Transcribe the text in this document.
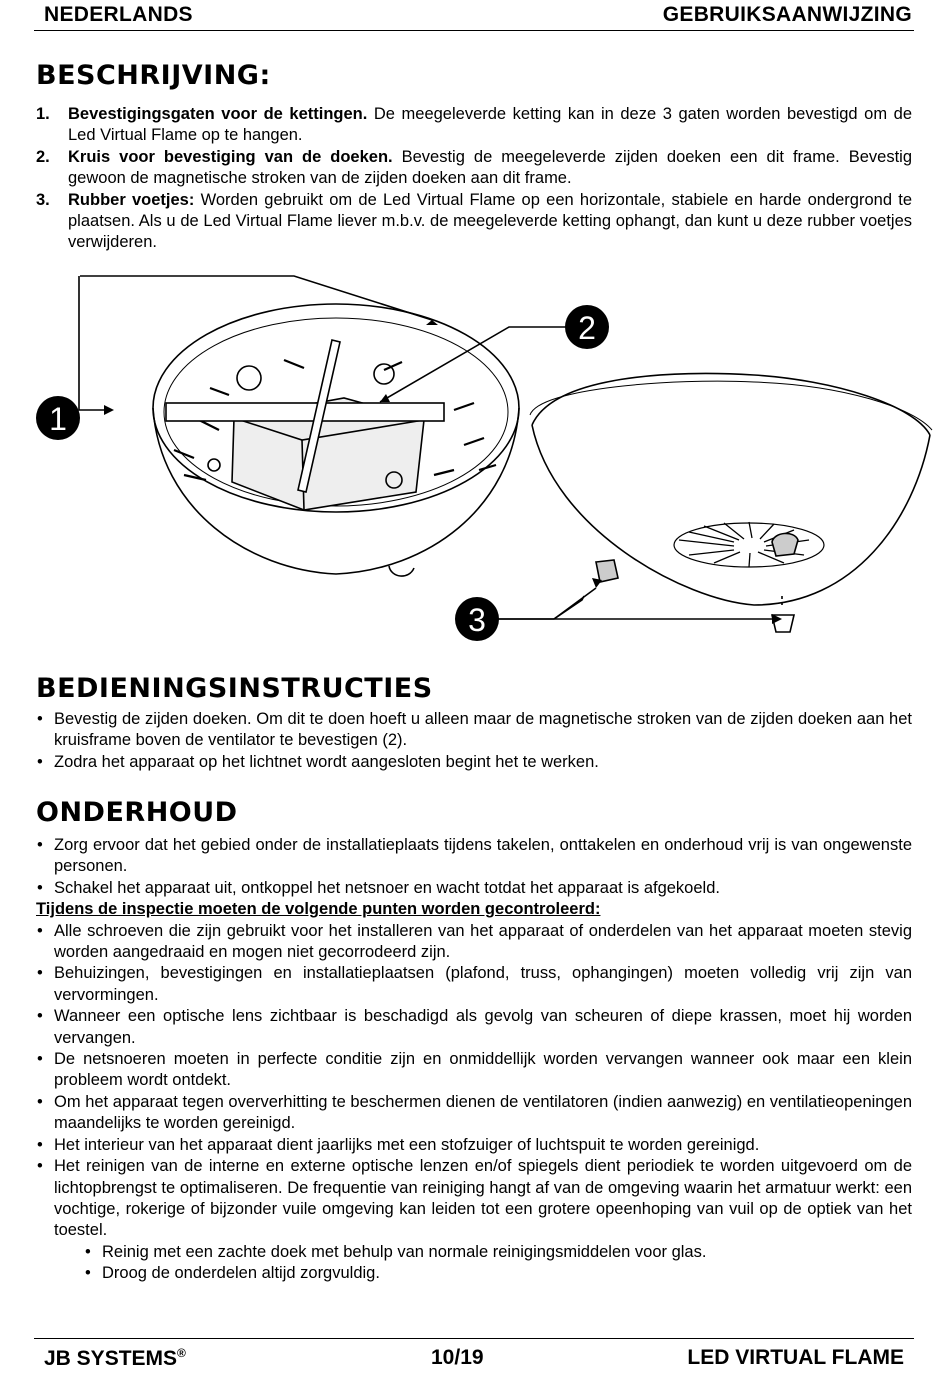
NEDERLANDS	GEBRUIKSAANWIJZING
BESCHRIJVING:
1. Bevestigingsgaten voor de kettingen. De meegeleverde ketting kan in deze 3 gaten worden bevestigd om de Led Virtual Flame op te hangen.
2. Kruis voor bevestiging van de doeken. Bevestig de meegeleverde zijden doeken een dit frame. Bevestig gewoon de magnetische stroken van de zijden doeken aan dit frame.
3. Rubber voetjes: Worden gebruikt om de Led Virtual Flame op een horizontale, stabiele en harde ondergrond te plaatsen. Als u de Led Virtual Flame liever m.b.v. de meegeleverde ketting ophangt, dan kunt u deze rubber voetjes verwijderen.
1
2
3
BEDIENINGSINSTRUCTIES
• Bevestig de zijden doeken. Om dit te doen hoeft u alleen maar de magnetische stroken van de zijden doeken aan het kruisframe boven de ventilator te bevestigen (2).
• Zodra het apparaat op het lichtnet wordt aangesloten begint het te werken.
ONDERHOUD
• Zorg ervoor dat het gebied onder de installatieplaats tijdens takelen, onttakelen en onderhoud vrij is van ongewenste personen.
• Schakel het apparaat uit, ontkoppel het netsnoer en wacht totdat het apparaat is afgekoeld.
Tijdens de inspectie moeten de volgende punten worden gecontroleerd:
• Alle schroeven die zijn gebruikt voor het installeren van het apparaat of onderdelen van het apparaat moeten stevig worden aangedraaid en mogen niet gecorrodeerd zijn.
• Behuizingen, bevestigingen en installatieplaatsen (plafond, truss, ophangingen) moeten volledig vrij zijn van vervormingen.
• Wanneer een optische lens zichtbaar is beschadigd als gevolg van scheuren of diepe krassen, moet hij worden vervangen.
• De netsnoeren moeten in perfecte conditie zijn en onmiddellijk worden vervangen wanneer ook maar een klein probleem wordt ontdekt.
• Om het apparaat tegen oververhitting te beschermen dienen de ventilatoren (indien aanwezig) en ventilatieopeningen maandelijks te worden gereinigd.
• Het interieur van het apparaat dient jaarlijks met een stofzuiger of luchtspuit te worden gereinigd.
• Het reinigen van de interne en externe optische lenzen en/of spiegels dient periodiek te worden uitgevoerd om de lichtopbrengst te optimaliseren. De frequentie van reiniging hangt af van de omgeving waarin het armatuur werkt: een vochtige, rokerige of bijzonder vuile omgeving kan leiden tot een grotere opeenhoping van vuil op de optiek van het toestel.
• Reinig met een zachte doek met behulp van normale reinigingsmiddelen voor glas.
• Droog de onderdelen altijd zorgvuldig.
JB SYSTEMS®	10/19	LED VIRTUAL FLAME
